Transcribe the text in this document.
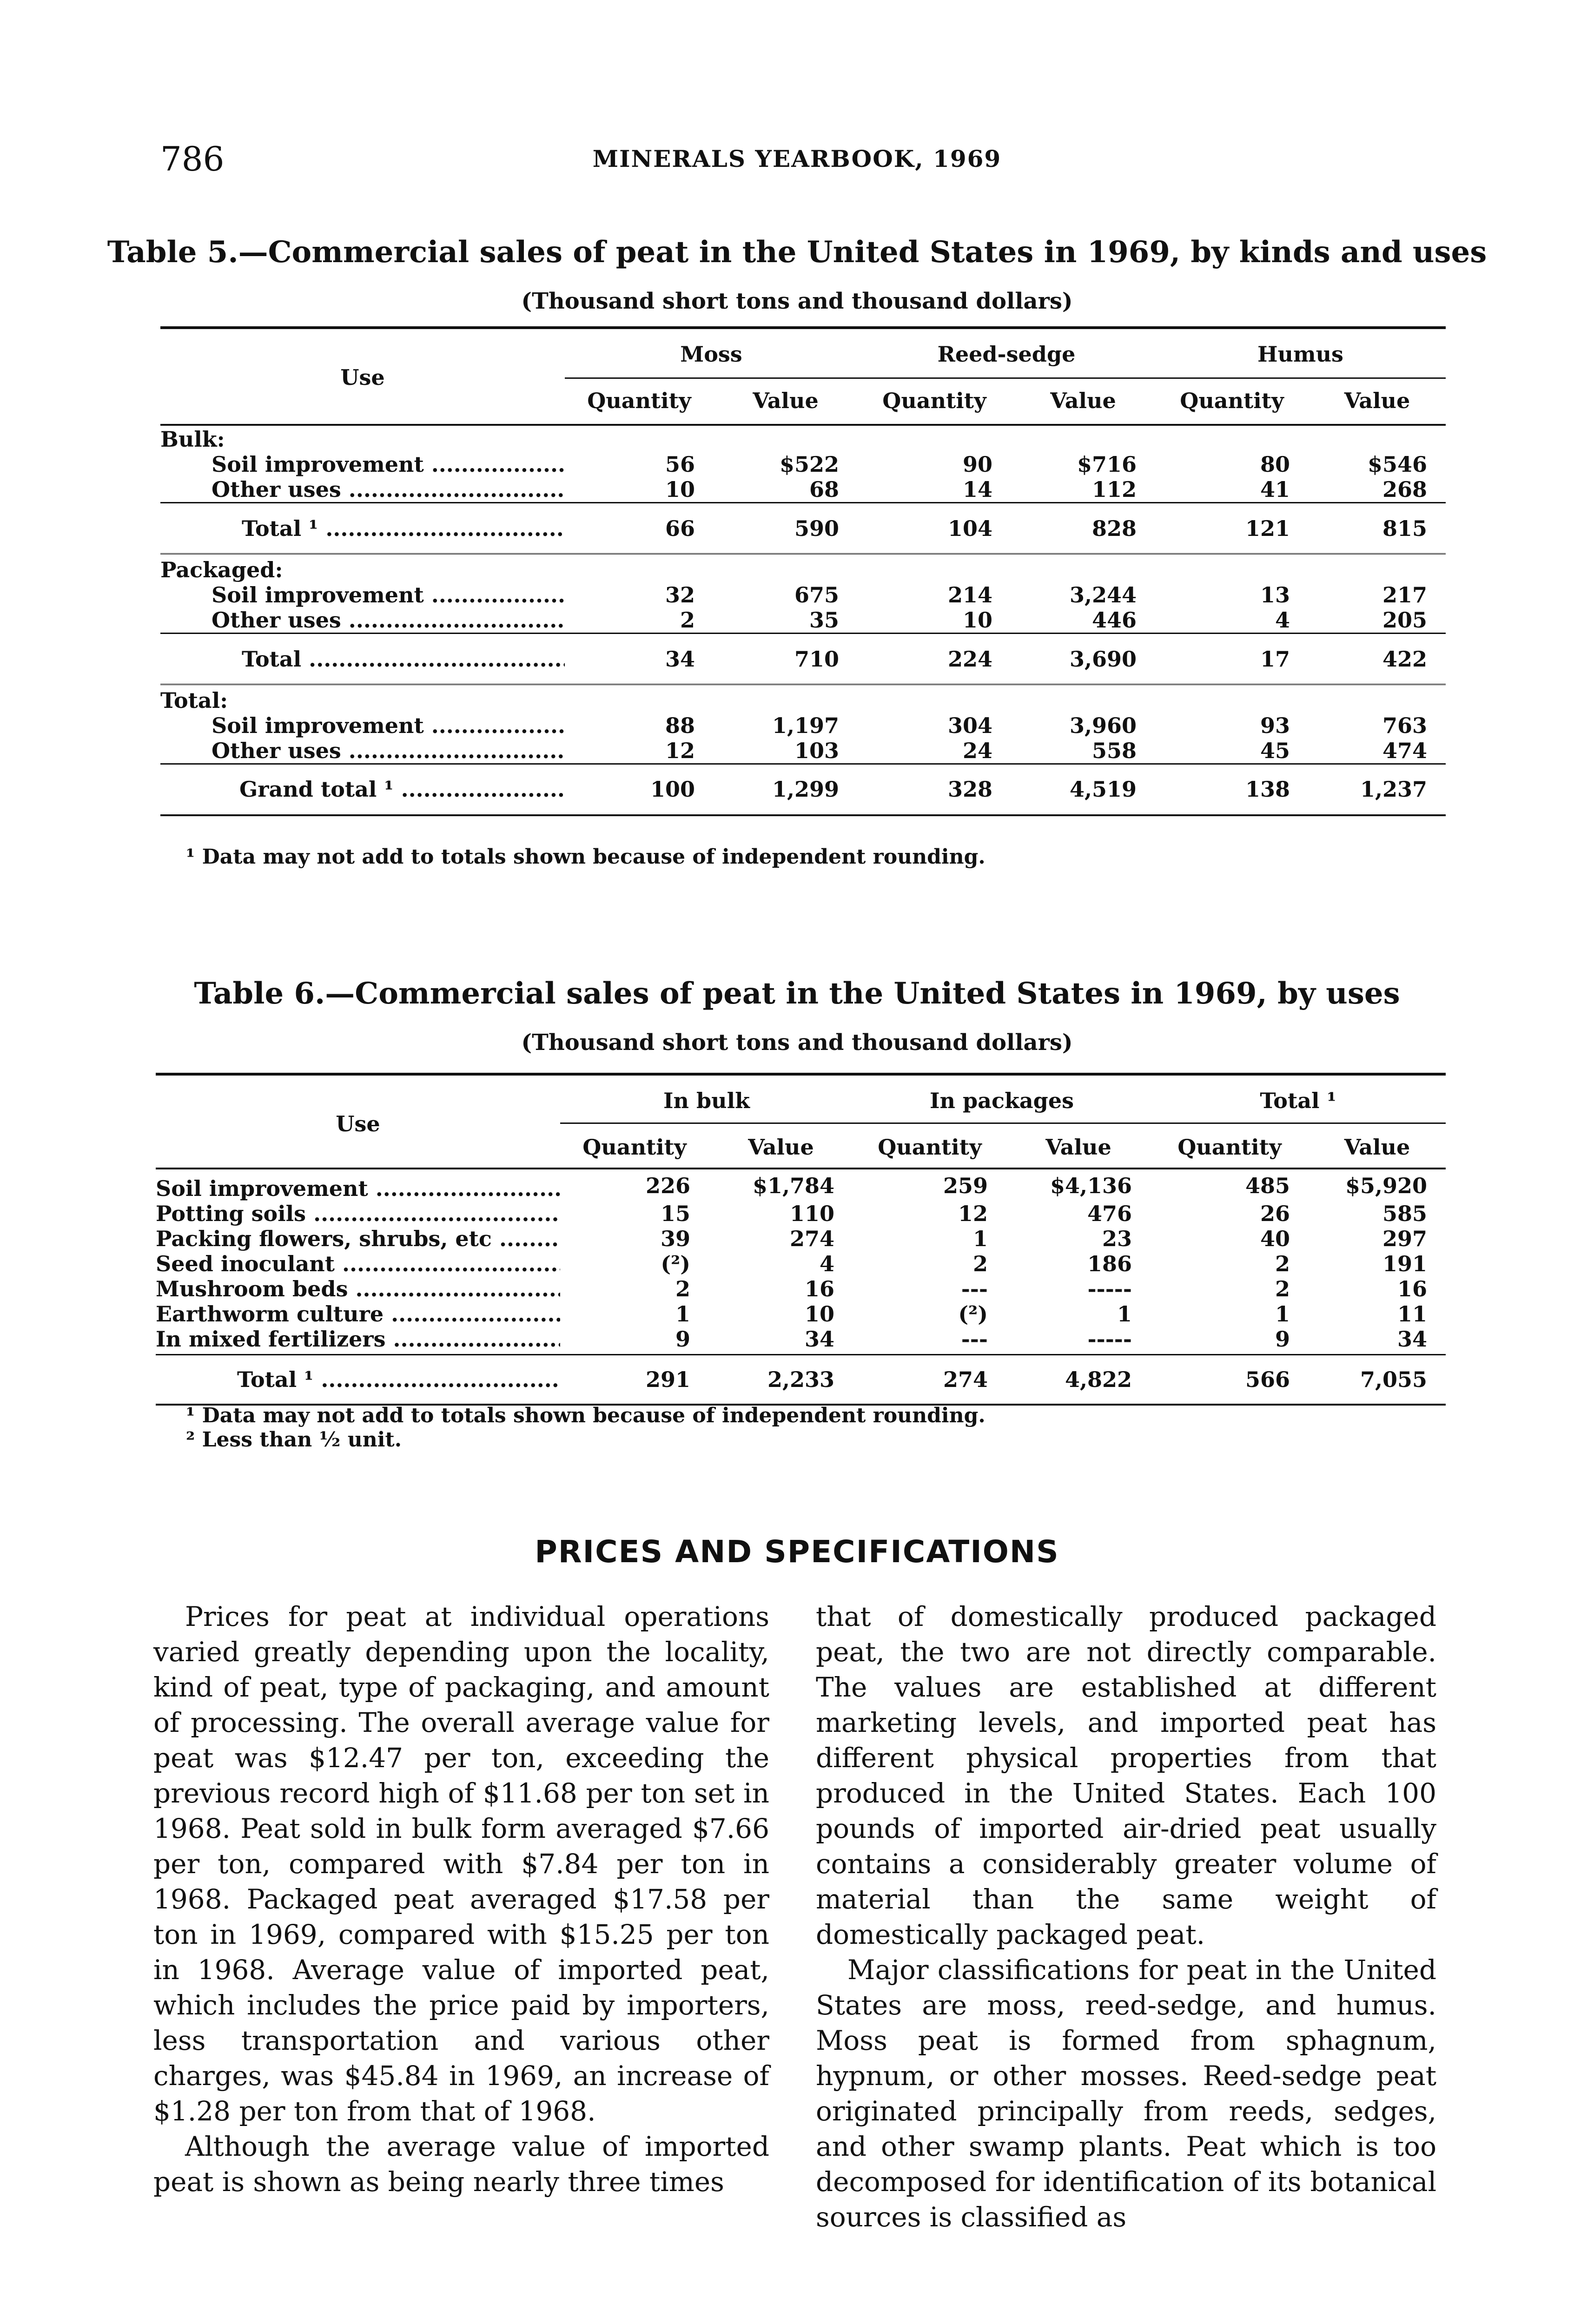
786	MINERALS YEARBOOK, 1969
Table 5.—Commercial sales of peat in the United States in 1969, by kinds and uses
(Thousand short tons and thousand dollars)
Use	Moss		Reed-sedge		Humus	
	Quantity	Value	Quantity	Value	Quantity	Value
Bulk:						
Soil improvement .....	56	$522	90	$716	80	$546
Other uses .....	10	68	14	112	41	268
Total ¹ .....	66	590	104	828	121	815
Packaged:						
Soil improvement .....	32	675	214	3,244	13	217
Other uses .....	2	35	10	446	4	205
Total .....	34	710	224	3,690	17	422
Total:						
Soil improvement .....	88	1,197	304	3,960	93	763
Other uses .....	12	103	24	558	45	474
Grand total ¹ .....	100	1,299	328	4,519	138	1,237
¹ Data may not add to totals shown because of independent rounding.
Table 6.—Commercial sales of peat in the United States in 1969, by uses
(Thousand short tons and thousand dollars)
Use	In bulk		In packages		Total ¹	
	Quantity	Value	Quantity	Value	Quantity	Value
Soil improvement .....	226	$1,784	259	$4,136	485	$5,920
Potting soils .....	15	110	12	476	26	585
Packing flowers, shrubs, etc .....	39	274	1	23	40	297
Seed inoculant .....	(²)	4	2	186	2	191
Mushroom beds .....	2	16	---	-----	2	16
Earthworm culture .....	1	10	(²)	1	1	11
In mixed fertilizers .....	9	34	---	-----	9	34
Total ¹ .....	291	2,233	274	4,822	566	7,055
¹ Data may not add to totals shown because of independent rounding.
² Less than ½ unit.
PRICES AND SPECIFICATIONS

Prices for peat at individual operations varied greatly depending upon the locality, kind of peat, type of packaging, and amount of processing. The overall average value for peat was $12.47 per ton, exceeding the previous record high of $11.68 per ton set in 1968. Peat sold in bulk form averaged $7.66 per ton, compared with $7.84 per ton in 1968. Packaged peat averaged $17.58 per ton in 1969, compared with $15.25 per ton in 1968. Average value of imported peat, which includes the price paid by importers, less transportation and various other charges, was $45.84 in 1969, an increase of $1.28 per ton from that of 1968.

Although the average value of imported peat is shown as being nearly three times

that of domestically produced packaged peat, the two are not directly comparable. The values are established at different marketing levels, and imported peat has different physical properties from that produced in the United States. Each 100 pounds of imported air-dried peat usually contains a considerably greater volume of material than the same weight of domestically packaged peat.

Major classifications for peat in the United States are moss, reed-sedge, and humus. Moss peat is formed from sphagnum, hypnum, or other mosses. Reed-sedge peat originated principally from reeds, sedges, and other swamp plants. Peat which is too decomposed for identification of its botanical sources is classified as
